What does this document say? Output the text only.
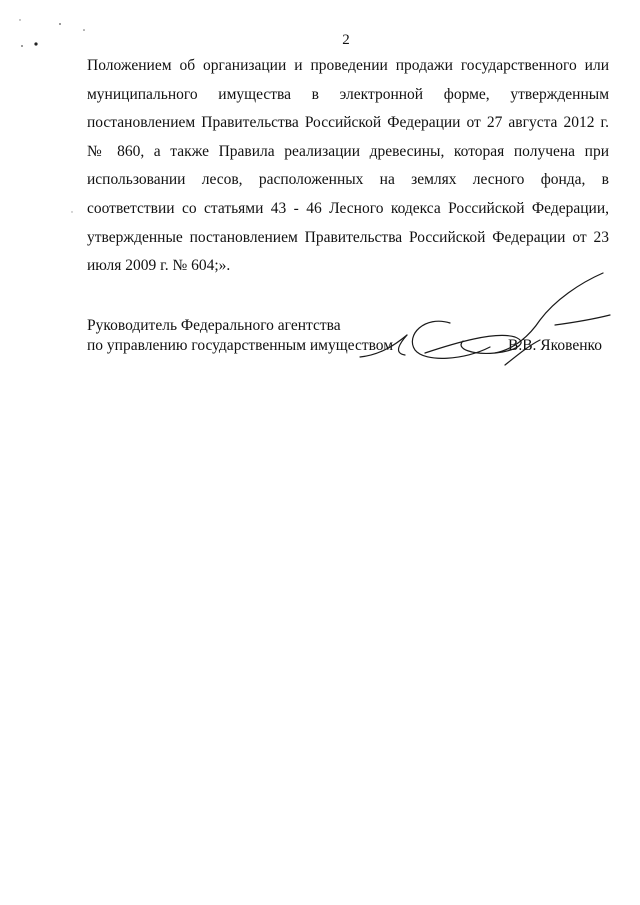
2

Положением об организации и проведении продажи государственного или муниципального имущества в электронной форме, утвержденным постановлением Правительства Российской Федерации от 27 августа 2012 г. № 860, а также Правила реализации древесины, которая получена при использовании лесов, расположенных на землях лесного фонда, в соответствии со статьями 43 - 46 Лесного кодекса Российской Федерации, утвержденные постановлением Правительства Российской Федерации от 23 июля 2009 г. № 604;».

Руководитель Федерального агентства
по управлению государственным имуществом	В.В. Яковенко
